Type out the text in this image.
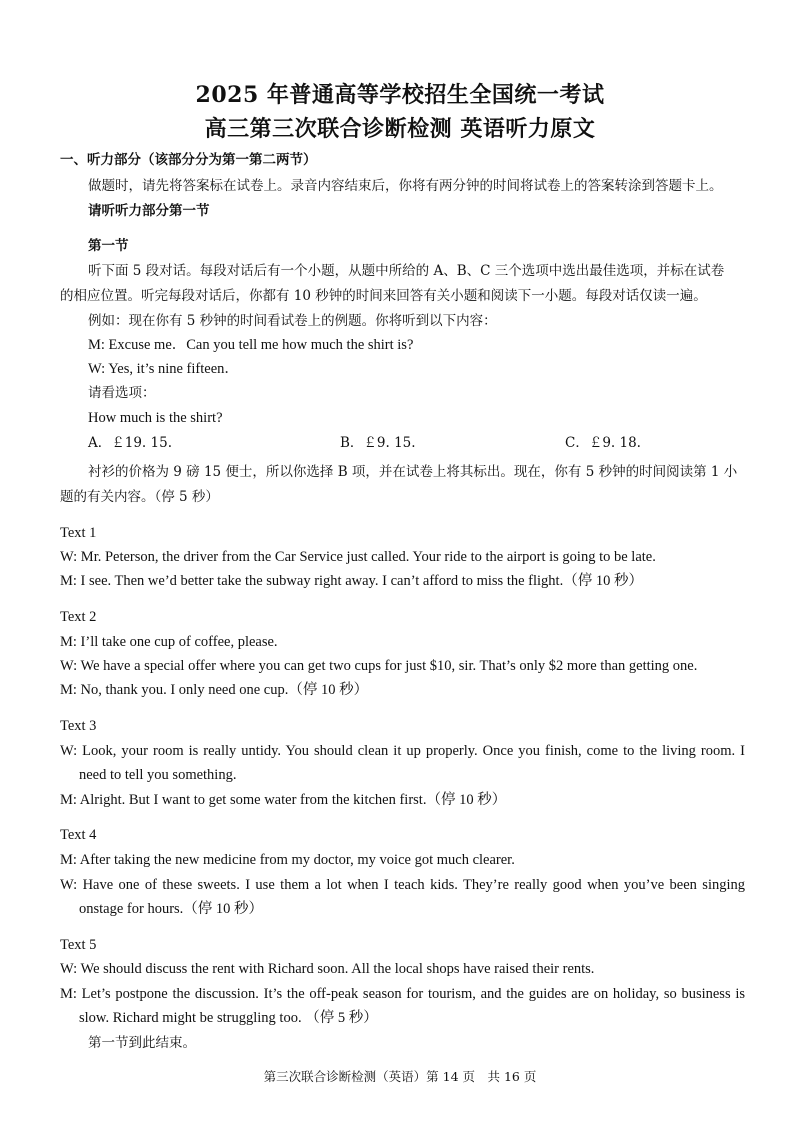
2025 年普通高等学校招生全国统一考试
高三第三次联合诊断检测 英语听力原文
一、听力部分（该部分分为第一第二两节）
做题时，请先将答案标在试卷上。录音内容结束后，你将有两分钟的时间将试卷上的答案转涂到答题卡上。
请听听力部分第一节
第一节
听下面 5 段对话。每段对话后有一个小题，从题中所给的 A、B、C 三个选项中选出最佳选项，并标在试卷
的相应位置。听完每段对话后，你都有 10 秒钟的时间来回答有关小题和阅读下一小题。每段对话仅读一遍。
例如：现在你有 5 秒钟的时间看试卷上的例题。你将听到以下内容：
M: Excuse me．Can you tell me how much the shirt is?
W: Yes, it’s nine fifteen．
请看选项：
How much is the shirt?
A．￡19. 15.	B．￡9. 15.	C．￡9. 18.
衬衫的价格为 9 磅 15 便士，所以你选择 B 项，并在试卷上将其标出。现在，你有 5 秒钟的时间阅读第 1 小
题的有关内容。（停 5 秒）
Text 1
W: Mr. Peterson, the driver from the Car Service just called. Your ride to the airport is going to be late.
M: I see. Then we’d better take the subway right away. I can’t afford to miss the flight.（停 10 秒）
Text 2
M: I’ll take one cup of coffee, please.
W: We have a special offer where you can get two cups for just $10, sir. That’s only $2 more than getting one.
M: No, thank you. I only need one cup.（停 10 秒）
Text 3
W: Look, your room is really untidy. You should clean it up properly. Once you finish, come to the living room. I
need to tell you something.
M: Alright. But I want to get some water from the kitchen first.（停 10 秒）
Text 4
M: After taking the new medicine from my doctor, my voice got much clearer.
W: Have one of these sweets. I use them a lot when I teach kids. They’re really good when you’ve been singing
onstage for hours.（停 10 秒）
Text 5
W: We should discuss the rent with Richard soon. All the local shops have raised their rents.
M: Let’s postpone the discussion. It’s the off-peak season for tourism, and the guides are on holiday, so business is
slow. Richard might be struggling too. （停 5 秒）
第一节到此结束。
第三次联合诊断检测（英语）第 14 页　共 16 页
